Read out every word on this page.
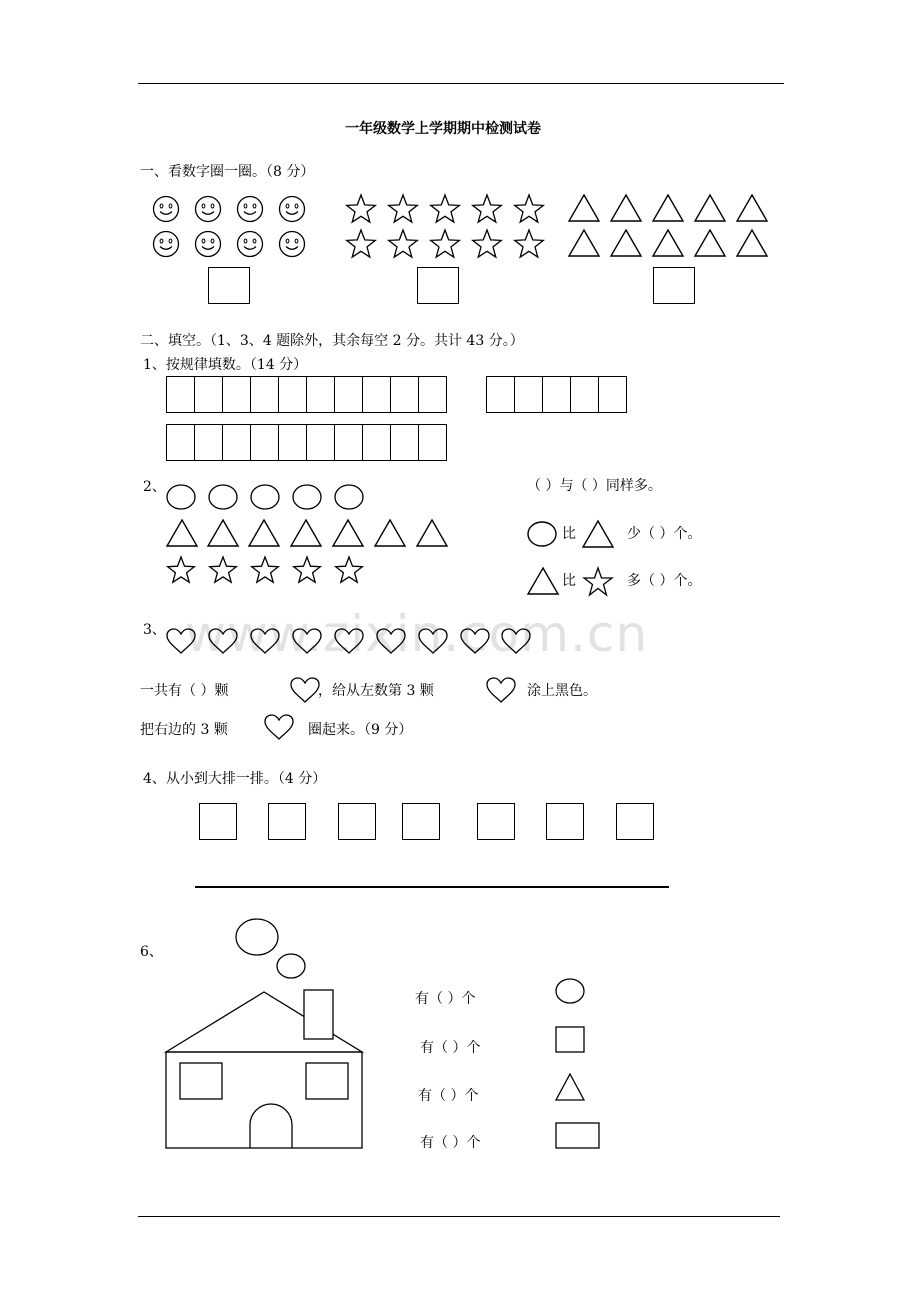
一年级数学上学期期中检测试卷
一、看数字圈一圈。（8 分）
二、填空。（1、3、4 题除外，其余每空 2 分。共计 43 分。）
1、按规律填数。（14 分）
2、	（ ）与（ ）同样多。
比	少（ ）个。
比	多（ ）个。
www.zixin.com.cn
3、
一共有（ ）颗	，给从左数第 3 颗	涂上黑色。
把右边的 3 颗	圈起来。（9 分）
4、从小到大排一排。（4 分）
6、
有（ ）个
有（ ）个
有（ ）个
有（ ）个
